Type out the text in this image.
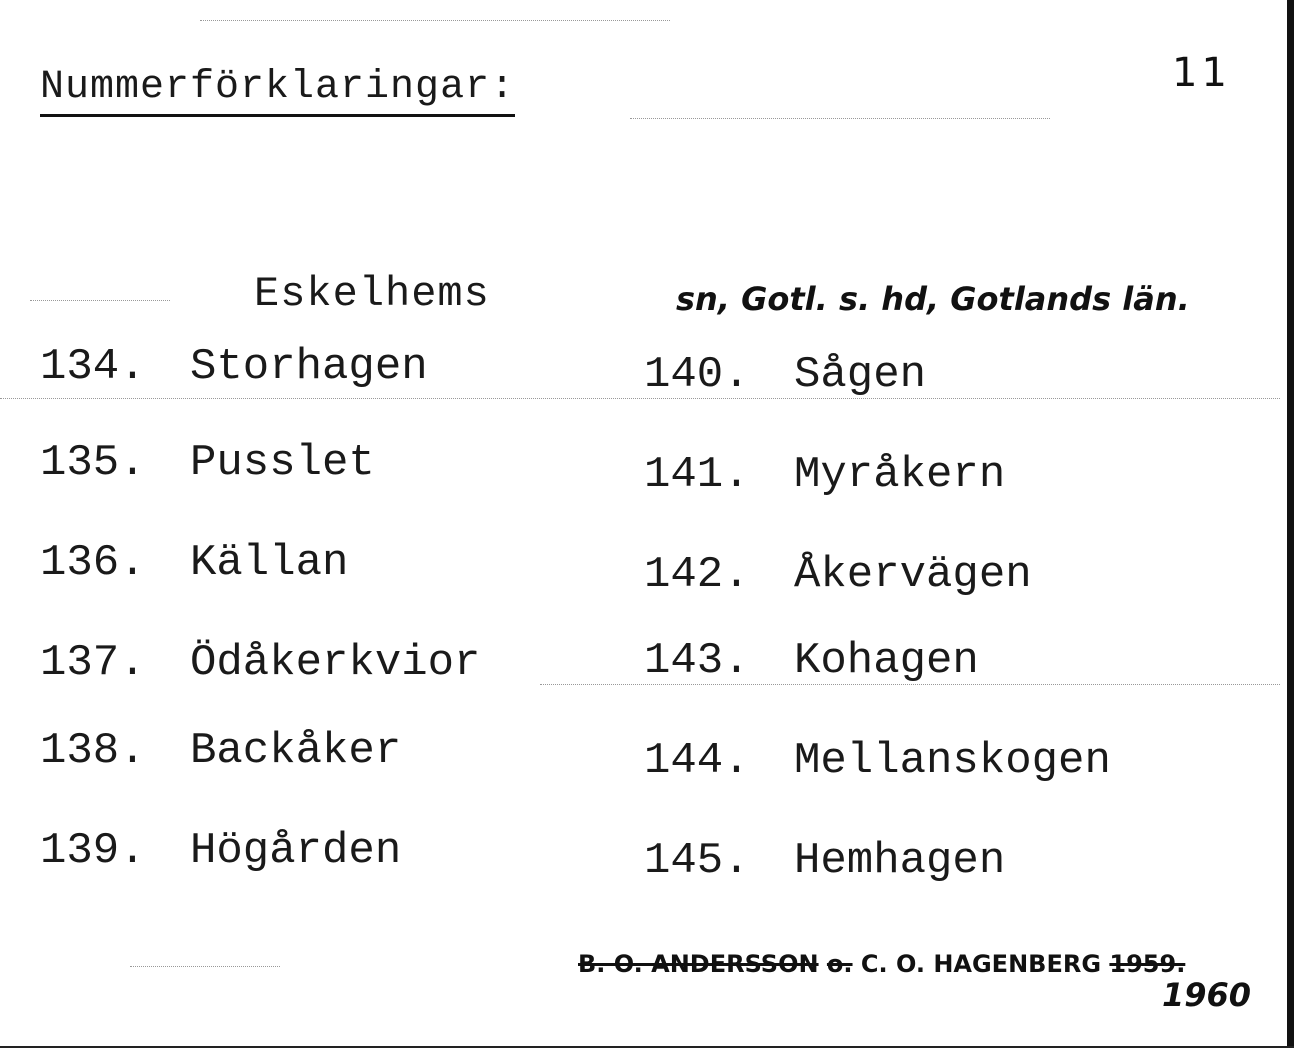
Nummerförklaringar:	11
Eskelhems	sn, Gotl. s. hd, Gotlands län.
134. Storhagen
135. Pusslet
136. Källan
137. Ödåkerkvior
138. Backåker
139. Högården
140. Sågen
141. Myråkern
142. Åkervägen
143. Kohagen
144. Mellanskogen
145. Hemhagen
B. O. ANDERSSON o. C. O. HAGENBERG 1959.
1960
